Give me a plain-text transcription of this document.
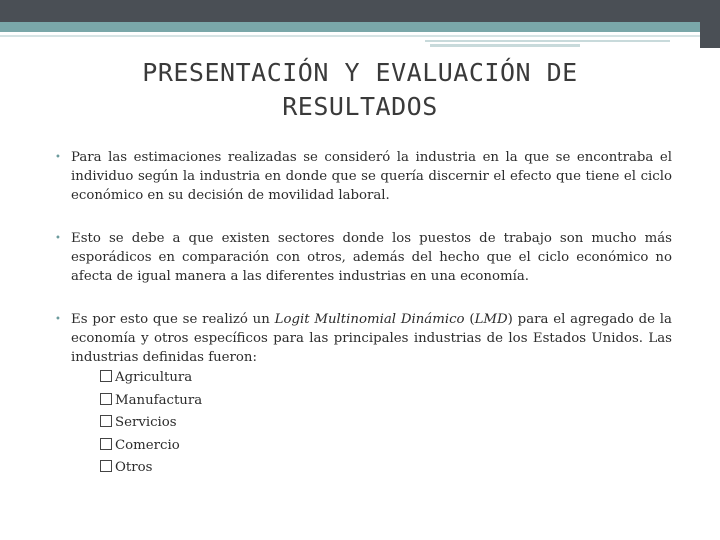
PRESENTACIÓN Y EVALUACIÓN DE RESULTADOS
• Para las estimaciones realizadas se consideró la industria en la que se encontraba el individuo según la industria en donde que se quería discernir el efecto que tiene el ciclo económico en su decisión de movilidad laboral.
• Esto se debe a que existen sectores donde los puestos de trabajo son mucho más esporádicos en comparación con otros, además del hecho que el ciclo económico no afecta de igual manera a las diferentes industrias en una economía.
• Es por esto que se realizó un Logit Multinomial Dinámico (LMD) para el agregado de la economía y otros específicos para las principales industrias de los Estados Unidos. Las industrias definidas fueron:
Agricultura
Manufactura
Servicios
Comercio
Otros
